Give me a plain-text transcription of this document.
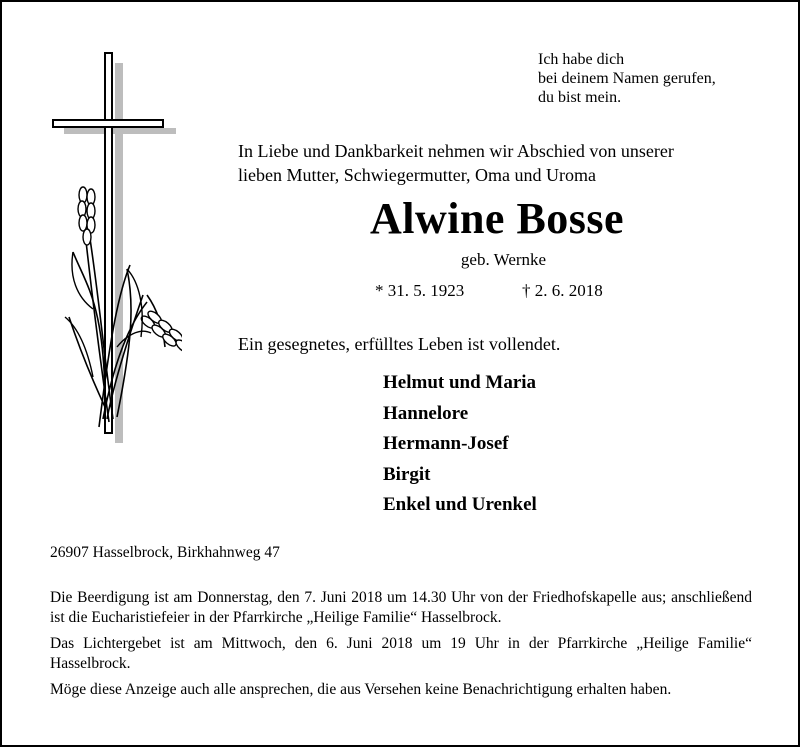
Ich habe dich
bei deinem Namen gerufen,
du bist mein.
In Liebe und Dankbarkeit nehmen wir Abschied von unserer
lieben Mutter, Schwiegermutter, Oma und Uroma
Alwine Bosse
geb. Wernke
* 31. 5. 1923	† 2. 6. 2018
Ein gesegnetes, erfülltes Leben ist vollendet.
Helmut und Maria
Hannelore
Hermann-Josef
Birgit
Enkel und Urenkel
26907 Hasselbrock, Birkhahnweg 47
Die Beerdigung ist am Donnerstag, den 7. Juni 2018 um 14.30 Uhr von der Friedhofskapelle aus; anschließend ist die Eucharistiefeier in der Pfarrkirche „Heilige Familie“ Hasselbrock.
Das Lichtergebet ist am Mittwoch, den 6. Juni 2018 um 19 Uhr in der Pfarrkirche „Heilige Familie“ Hasselbrock.
Möge diese Anzeige auch alle ansprechen, die aus Versehen keine Benachrichtigung erhalten haben.
